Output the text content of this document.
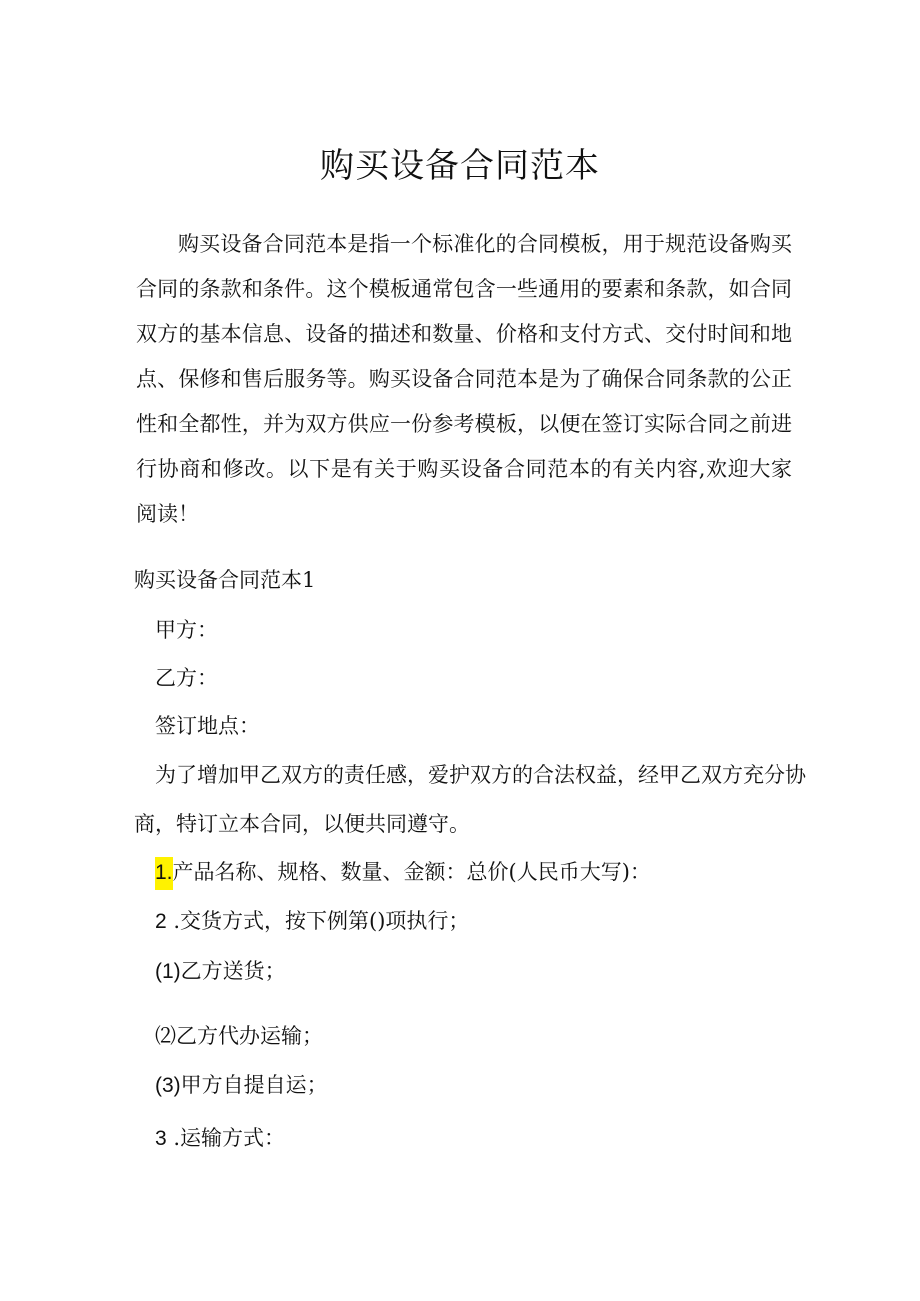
购买设备合同范本

购买设备合同范本是指一个标准化的合同模板，用于规范设备购买合同的条款和条件。这个模板通常包含一些通用的要素和条款，如合同双方的基本信息、设备的描述和数量、价格和支付方式、交付时间和地点、保修和售后服务等。购买设备合同范本是为了确保合同条款的公正性和全都性，并为双方供应一份参考模板，以便在签订实际合同之前进行协商和修改。以下是有关于购买设备合同范本的有关内容,欢迎大家阅读！

购买设备合同范本1

甲方：

乙方：

签订地点：

为了增加甲乙双方的责任感，爱护双方的合法权益，经甲乙双方充分协

商，特订立本合同，以便共同遵守。

1.产品名称、规格、数量、金额：总价(人民币大写)：

2 .交货方式，按下例第()项执行；

(1)乙方送货；

⑵乙方代办运输；

(3)甲方自提自运；

3 .运输方式：
